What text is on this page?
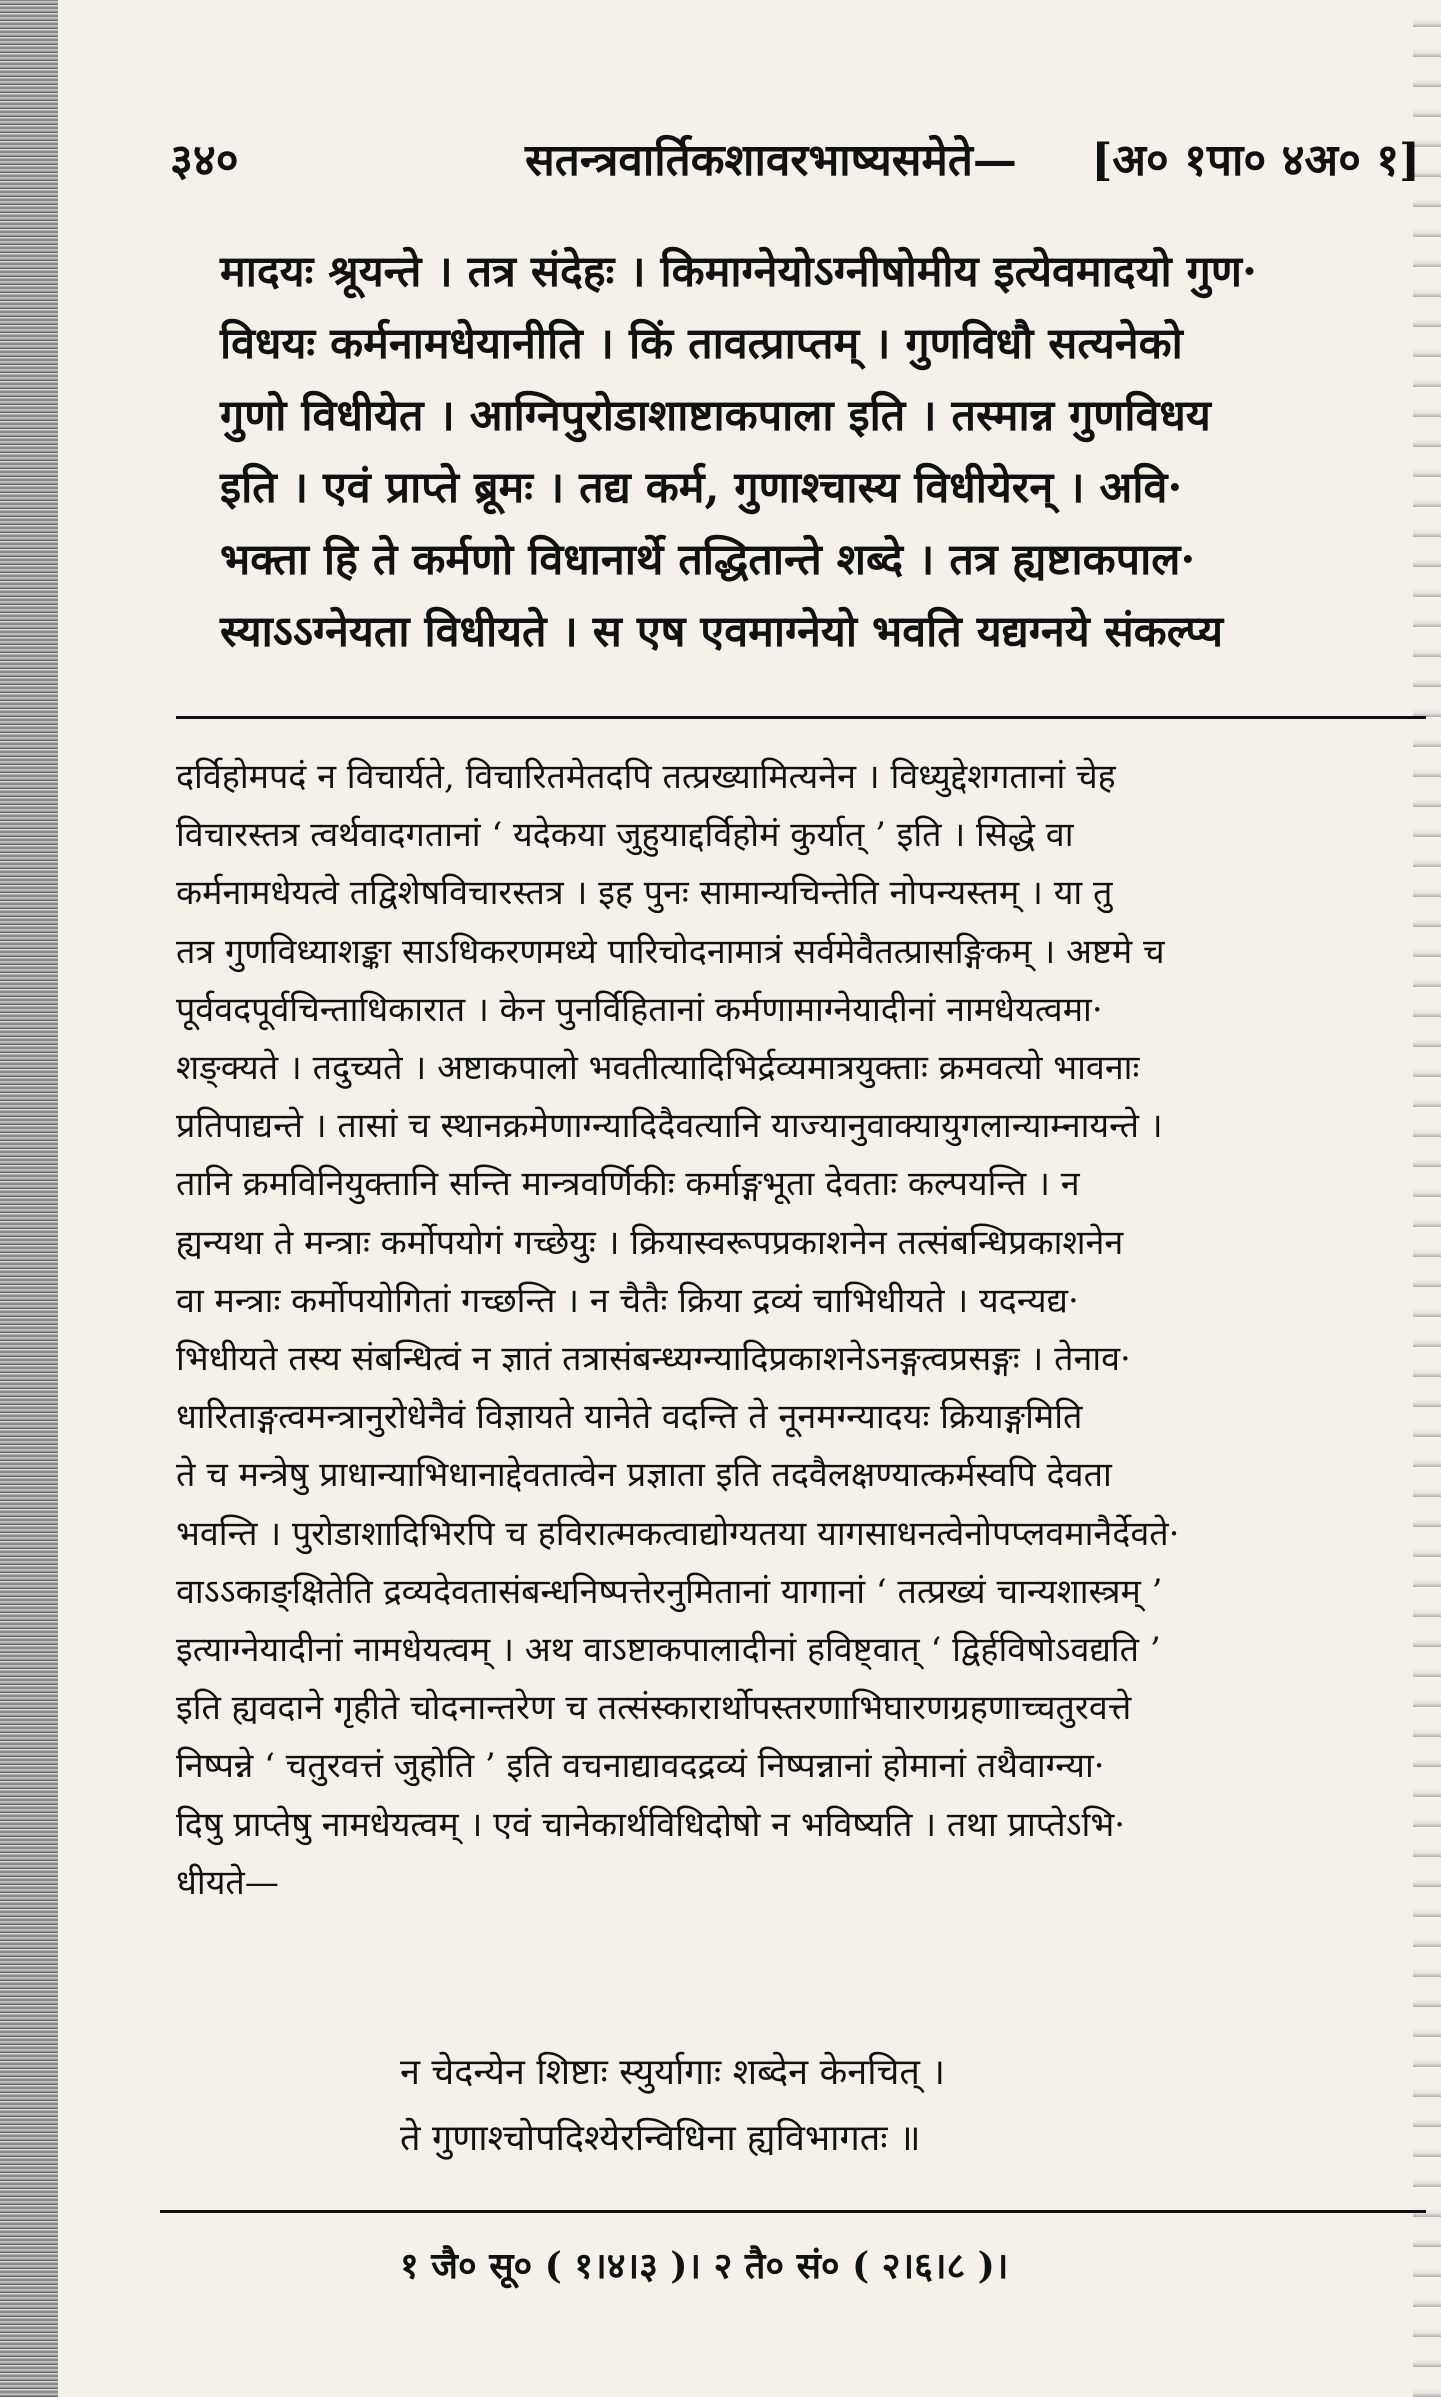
३४०	सतन्त्रवार्तिकशावरभाष्यसमेते— [अ० १पा० ४अ० १]
मादयः श्रूयन्ते । तत्र संदेहः । किमाग्नेयोऽग्नीषोमीय इत्येवमादयो गुण·
विधयः कर्मनामधेयानीति । किं तावत्प्राप्तम् । गुणविधौ सत्यनेको
गुणो विधीयेत । आग्निपुरोडाशाष्टाकपाला इति । तस्मान्न गुणविधय
इति । एवं प्राप्ते ब्रूमः । तद्य कर्म, गुणाश्चास्य विधीयेरन् । अवि·
भक्ता हि ते कर्मणो विधानार्थे तद्धितान्ते शब्दे । तत्र ह्यष्टाकपाल·
स्याऽऽग्नेयता विधीयते । स एष एवमाग्नेयो भवति यद्यग्नये संकल्प्य
दर्विहोमपदं न विचार्यते, विचारितमेतदपि तत्प्रख्यामित्यनेन । विध्युद्देशगतानां चेह
विचारस्तत्र त्वर्थवादगतानां ‘ यदेकया जुहुयाद्दर्विहोमं कुर्यात् ’ इति । सिद्धे वा
कर्मनामधेयत्वे तद्विशेषविचारस्तत्र । इह पुनः सामान्यचिन्तेति नोपन्यस्तम् । या तु
तत्र गुणविध्याशङ्का साऽधिकरणमध्ये पारिचोदनामात्रं सर्वमेवैतत्प्रासङ्गिकम् । अष्टमे च
पूर्ववदपूर्वचिन्ताधिकारात । केन पुनर्विहितानां कर्मणामाग्नेयादीनां नामधेयत्वमा·
शङ्क्यते । तदुच्यते । अष्टाकपालो भवतीत्यादिभिर्द्रव्यमात्रयुक्ताः क्रमवत्यो भावनाः
प्रतिपाद्यन्ते । तासां च स्थानक्रमेणाग्न्यादिदैवत्यानि याज्यानुवाक्यायुगलान्याम्नायन्ते ।
तानि क्रमविनियुक्तानि सन्ति मान्त्रवर्णिकीः कर्माङ्गभूता देवताः कल्पयन्ति । न
ह्यन्यथा ते मन्त्राः कर्मोपयोगं गच्छेयुः । क्रियास्वरूपप्रकाशनेन तत्संबन्धिप्रकाशनेन
वा मन्त्राः कर्मोपयोगितां गच्छन्ति । न चैतैः क्रिया द्रव्यं चाभिधीयते । यदन्यद्य·
भिधीयते तस्य संबन्धित्वं न ज्ञातं तत्रासंबन्ध्यग्न्यादिप्रकाशनेऽनङ्गत्वप्रसङ्गः । तेनाव·
धारिताङ्गत्वमन्त्रानुरोधेनैवं विज्ञायते यानेते वदन्ति ते नूनमग्न्यादयः क्रियाङ्गमिति
ते च मन्त्रेषु प्राधान्याभिधानाद्देवतात्वेन प्रज्ञाता इति तदवैलक्षण्यात्कर्मस्वपि देवता
भवन्ति । पुरोडाशादिभिरपि च हविरात्मकत्वाद्योग्यतया यागसाधनत्वेनोपप्लवमानैर्देवते·
वाऽऽकाङ्क्षितेति द्रव्यदेवतासंबन्धनिष्पत्तेरनुमितानां यागानां ‘ तत्प्रख्यं चान्यशास्त्रम् ’
इत्याग्नेयादीनां नामधेयत्वम् । अथ वाऽष्टाकपालादीनां हविष्ट्वात् ‘ द्विर्हविषोऽवद्यति ’
इति ह्यवदाने गृहीते चोदनान्तरेण च तत्संस्कारार्थोपस्तरणाभिघारणग्रहणाच्चतुरवत्ते
निष्पन्ने ‘ चतुरवत्तं जुहोति ’ इति वचनाद्यावदद्रव्यं निष्पन्नानां होमानां तथैवाग्न्या·
दिषु प्राप्तेषु नामधेयत्वम् । एवं चानेकार्थविधिदोषो न भविष्यति । तथा प्राप्तेऽभि·
धीयते—
न चेदन्येन शिष्टाः स्युर्यागाः शब्देन केनचित् ।
ते गुणाश्चोपदिश्येरन्विधिना ह्यविभागतः ॥
१ जै० सू० ( १।४।३ )। २ तै० सं० ( २।६।८ )।
